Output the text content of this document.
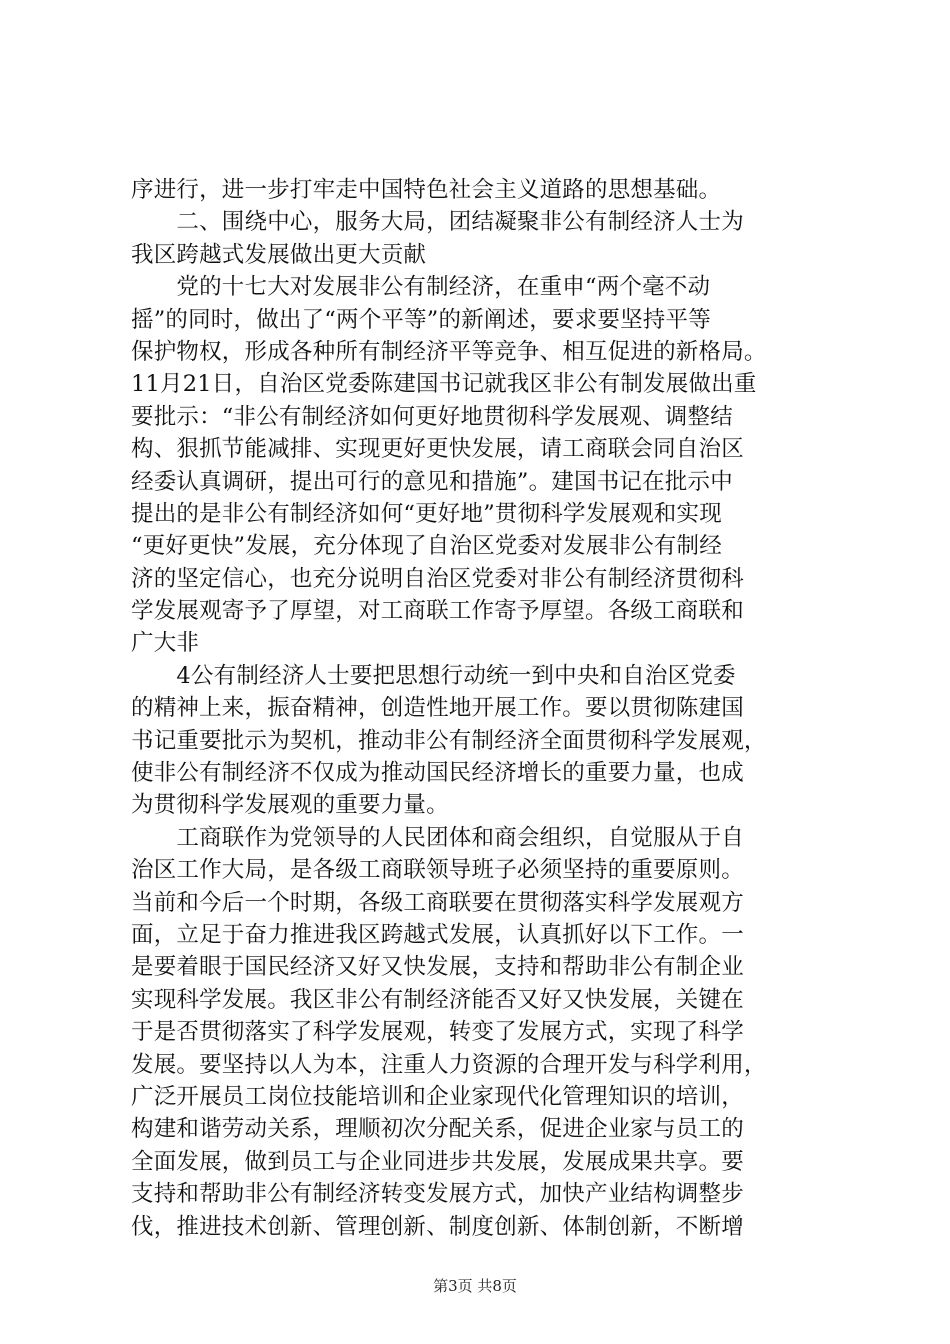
序进行，进一步打牢走中国特色社会主义道路的思想基础。
　　二、围绕中心，服务大局，团结凝聚非公有制经济人士为
我区跨越式发展做出更大贡献
　　党的十七大对发展非公有制经济，在重申“两个毫不动
摇”的同时，做出了“两个平等”的新阐述，要求要坚持平等
保护物权，形成各种所有制经济平等竞争、相互促进的新格局。
11月21日，自治区党委陈建国书记就我区非公有制发展做出重
要批示：“非公有制经济如何更好地贯彻科学发展观、调整结
构、狠抓节能减排、实现更好更快发展，请工商联会同自治区
经委认真调研，提出可行的意见和措施”。建国书记在批示中
提出的是非公有制经济如何“更好地”贯彻科学发展观和实现
“更好更快”发展，充分体现了自治区党委对发展非公有制经
济的坚定信心，也充分说明自治区党委对非公有制经济贯彻科
学发展观寄予了厚望，对工商联工作寄予厚望。各级工商联和
广大非
　　4公有制经济人士要把思想行动统一到中央和自治区党委
的精神上来，振奋精神，创造性地开展工作。要以贯彻陈建国
书记重要批示为契机，推动非公有制经济全面贯彻科学发展观，
使非公有制经济不仅成为推动国民经济增长的重要力量，也成
为贯彻科学发展观的重要力量。
　　工商联作为党领导的人民团体和商会组织，自觉服从于自
治区工作大局，是各级工商联领导班子必须坚持的重要原则。
当前和今后一个时期，各级工商联要在贯彻落实科学发展观方
面，立足于奋力推进我区跨越式发展，认真抓好以下工作。一
是要着眼于国民经济又好又快发展，支持和帮助非公有制企业
实现科学发展。我区非公有制经济能否又好又快发展，关键在
于是否贯彻落实了科学发展观，转变了发展方式，实现了科学
发展。要坚持以人为本，注重人力资源的合理开发与科学利用，
广泛开展员工岗位技能培训和企业家现代化管理知识的培训，
构建和谐劳动关系，理顺初次分配关系，促进企业家与员工的
全面发展，做到员工与企业同进步共发展，发展成果共享。要
支持和帮助非公有制经济转变发展方式，加快产业结构调整步
伐，推进技术创新、管理创新、制度创新、体制创新，不断增
第3页 共8页
